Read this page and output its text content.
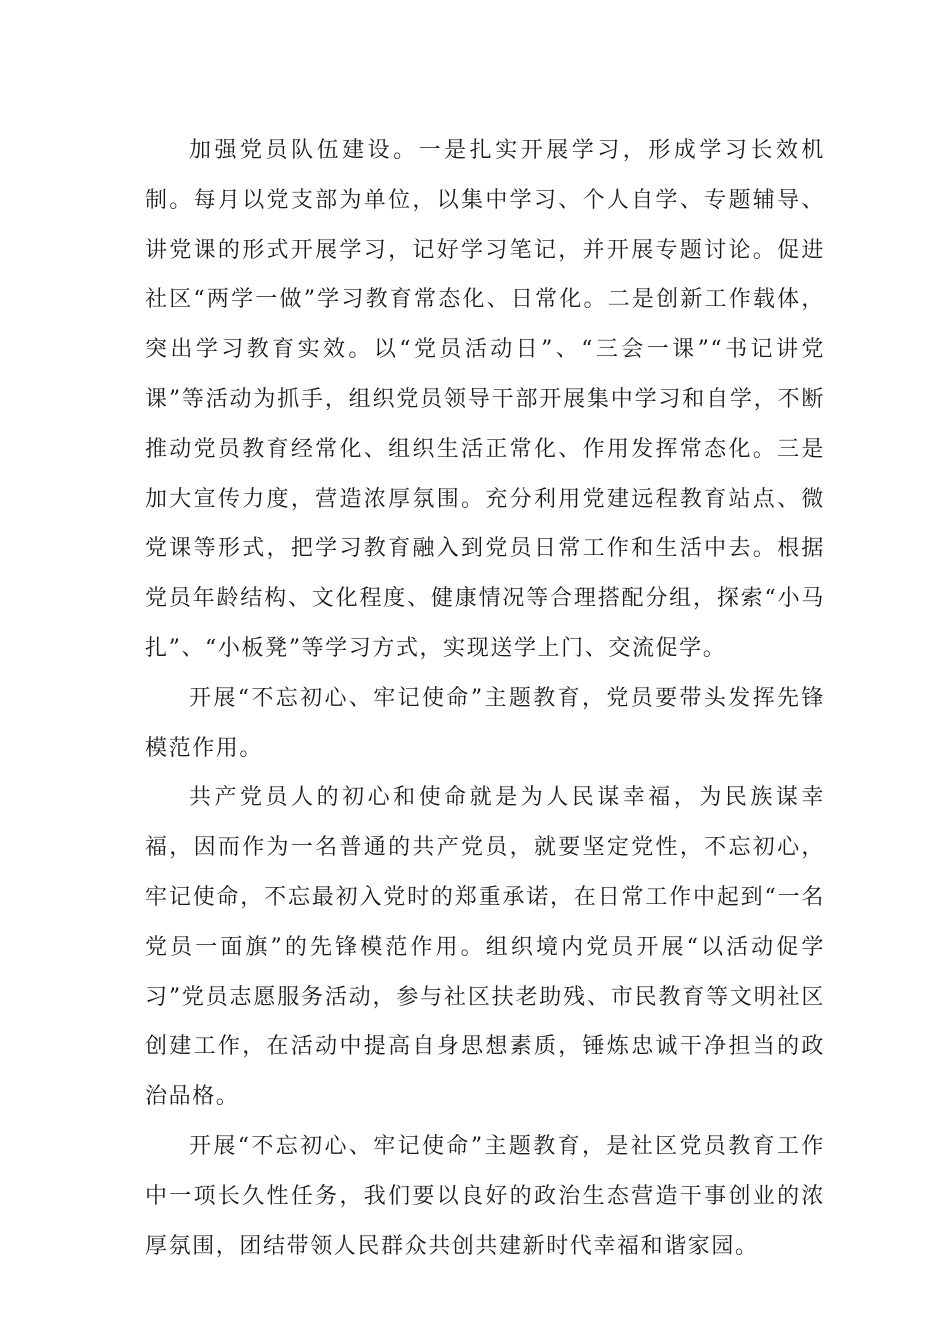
加强党员队伍建设。一是扎实开展学习，形成学习长效机制。每月以党支部为单位，以集中学习、个人自学、专题辅导、讲党课的形式开展学习，记好学习笔记，并开展专题讨论。促进社区“两学一做”学习教育常态化、日常化。二是创新工作载体，突出学习教育实效。以“党员活动日”、“三会一课”“书记讲党课”等活动为抓手，组织党员领导干部开展集中学习和自学，不断推动党员教育经常化、组织生活正常化、作用发挥常态化。三是加大宣传力度，营造浓厚氛围。充分利用党建远程教育站点、微党课等形式，把学习教育融入到党员日常工作和生活中去。根据党员年龄结构、文化程度、健康情况等合理搭配分组，探索“小马扎”、“小板凳”等学习方式，实现送学上门、交流促学。

开展“不忘初心、牢记使命”主题教育，党员要带头发挥先锋模范作用。

共产党员人的初心和使命就是为人民谋幸福，为民族谋幸福，因而作为一名普通的共产党员，就要坚定党性，不忘初心，牢记使命，不忘最初入党时的郑重承诺，在日常工作中起到“一名党员一面旗”的先锋模范作用。组织境内党员开展“以活动促学习”党员志愿服务活动，参与社区扶老助残、市民教育等文明社区创建工作，在活动中提高自身思想素质，锤炼忠诚干净担当的政治品格。

开展“不忘初心、牢记使命”主题教育，是社区党员教育工作中一项长久性任务，我们要以良好的政治生态营造干事创业的浓厚氛围，团结带领人民群众共创共建新时代幸福和谐家园。
